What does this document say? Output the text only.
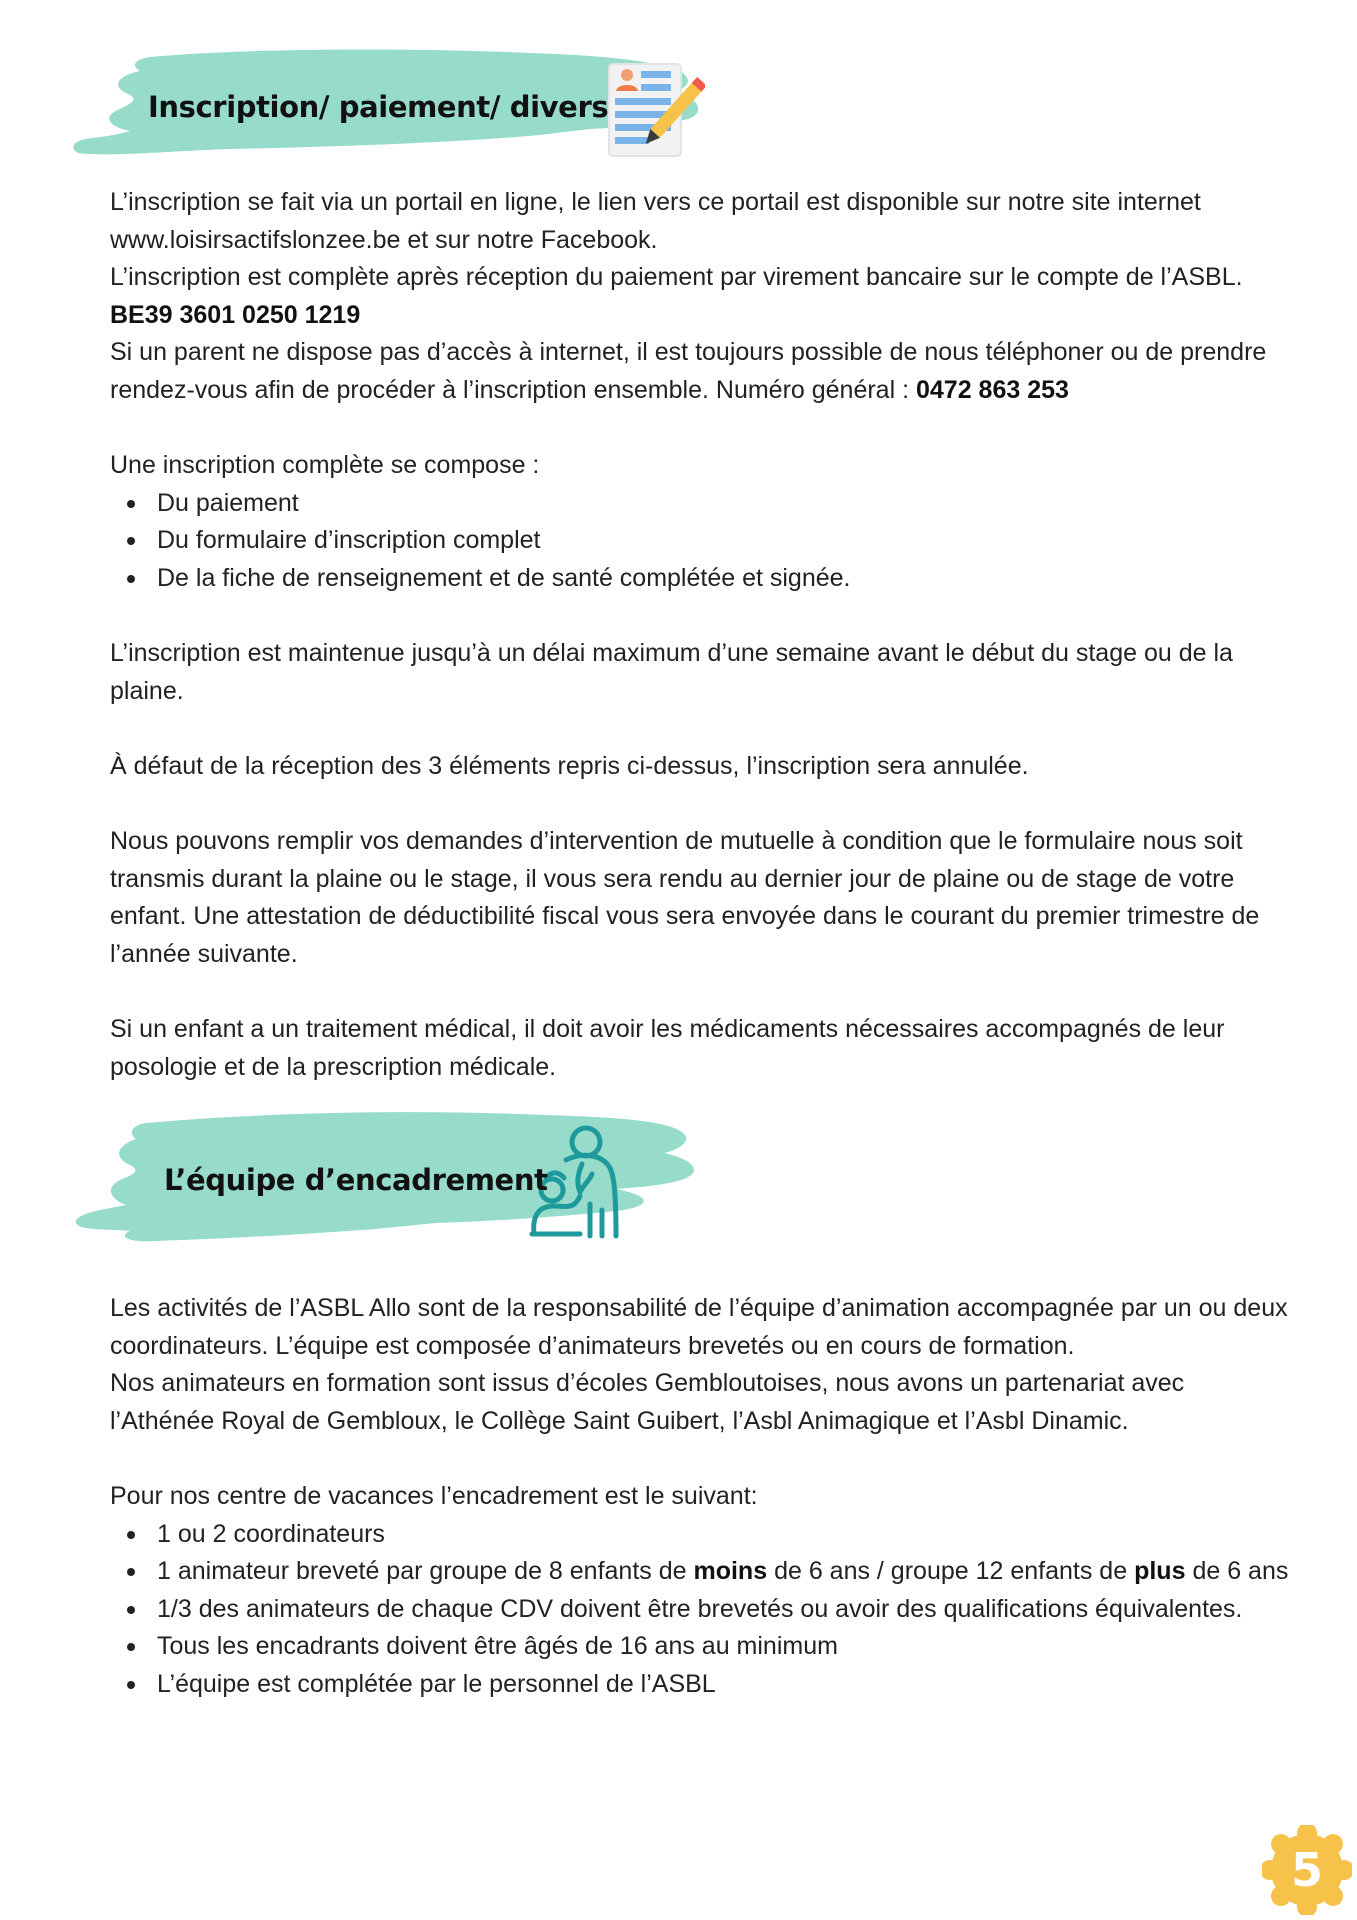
Inscription/ paiement/ divers

L’inscription se fait via un portail en ligne, le lien vers ce portail est disponible sur notre site internet www.loisirsactifslonzee.be et sur notre Facebook.

L’inscription est complète après réception du paiement par virement bancaire sur le compte de l’ASBL. BE39 3601 0250 1219

Si un parent ne dispose pas d’accès à internet, il est toujours possible de nous téléphoner ou de prendre rendez-vous afin de procéder à l’inscription ensemble. Numéro général : 0472 863 253

Une inscription complète se compose :

Du paiement
Du formulaire d’inscription complet
De la fiche de renseignement et de santé complétée et signée.

L’inscription est maintenue jusqu’à un délai maximum d’une semaine avant le début du stage ou de la plaine.

À défaut de la réception des 3 éléments repris ci-dessus, l’inscription sera annulée.

Nous pouvons remplir vos demandes d’intervention de mutuelle à condition que le formulaire nous soit transmis durant la plaine ou le stage, il vous sera rendu au dernier jour de plaine ou de stage de votre enfant. Une attestation de déductibilité fiscal vous sera envoyée dans le courant du premier trimestre de l’année suivante.

Si un enfant a un traitement médical, il doit avoir les médicaments nécessaires accompagnés de leur posologie et de la prescription médicale.

L’équipe d’encadrement

Les activités de l’ASBL Allo sont de la responsabilité de l’équipe d’animation accompagnée par un ou deux coordinateurs. L’équipe est composée d’animateurs brevetés ou en cours de formation.

Nos animateurs en formation sont issus d’écoles Gembloutoises, nous avons un partenariat avec l’Athénée Royal de Gembloux, le Collège Saint Guibert, l’Asbl Animagique et l’Asbl Dinamic.

Pour nos centre de vacances l’encadrement est le suivant:

1 ou 2 coordinateurs
1 animateur breveté par groupe de 8 enfants de moins de 6 ans / groupe 12 enfants de plus de 6 ans
1/3 des animateurs de chaque CDV doivent être brevetés ou avoir des qualifications équivalentes.
Tous les encadrants doivent être âgés de 16 ans au minimum
L’équipe est complétée par le personnel de l’ASBL
5
